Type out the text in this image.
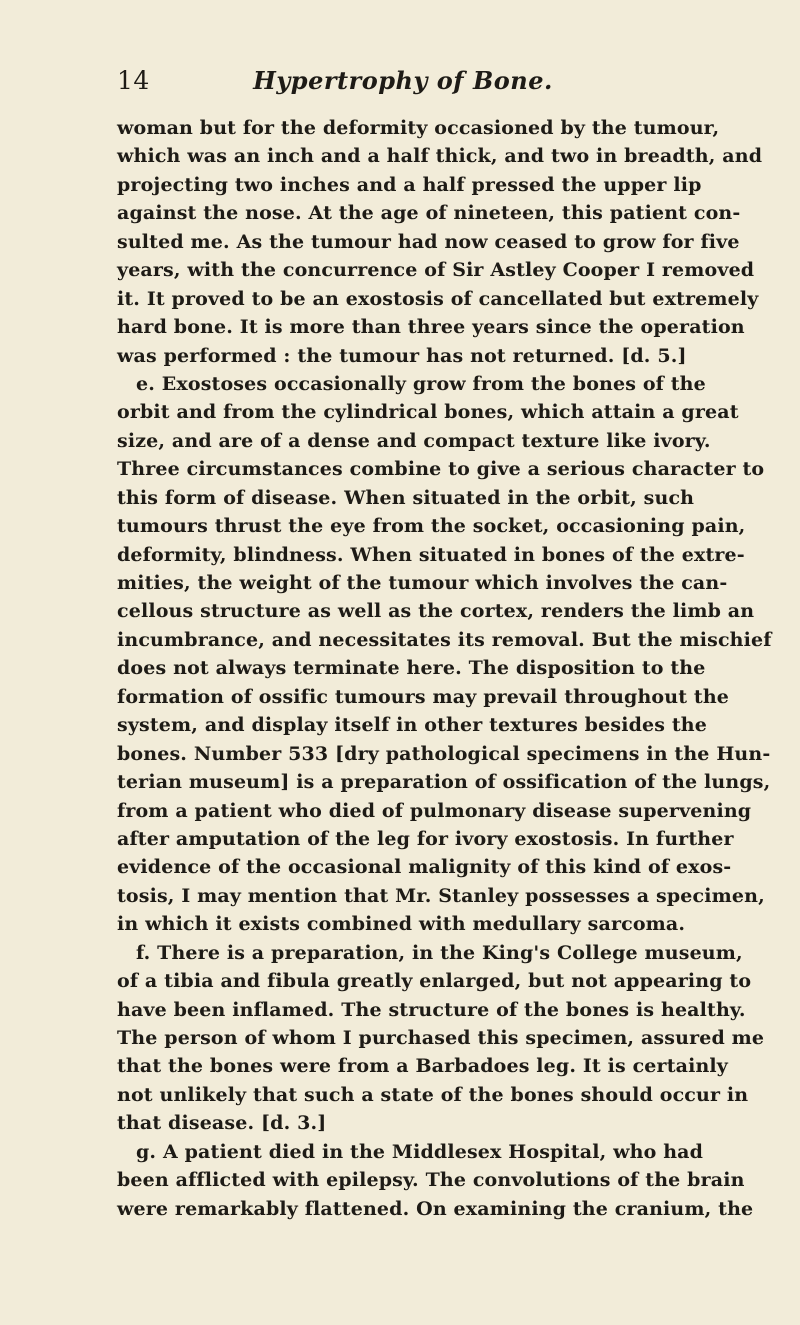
14	Hypertrophy of Bone.
woman but for the deformity occasioned by the tumour,
which was an inch and a half thick, and two in breadth, and
projecting two inches and a half pressed the upper lip
against the nose. At the age of nineteen, this patient con-
sulted me. As the tumour had now ceased to grow for five
years, with the concurrence of Sir Astley Cooper I removed
it. It proved to be an exostosis of cancellated but extremely
hard bone. It is more than three years since the operation
was performed : the tumour has not returned. [d. 5.]
e. Exostoses occasionally grow from the bones of the
orbit and from the cylindrical bones, which attain a great
size, and are of a dense and compact texture like ivory.
Three circumstances combine to give a serious character to
this form of disease. When situated in the orbit, such
tumours thrust the eye from the socket, occasioning pain,
deformity, blindness. When situated in bones of the extre-
mities, the weight of the tumour which involves the can-
cellous structure as well as the cortex, renders the limb an
incumbrance, and necessitates its removal. But the mischief
does not always terminate here. The disposition to the
formation of ossific tumours may prevail throughout the
system, and display itself in other textures besides the
bones. Number 533 [dry pathological specimens in the Hun-
terian museum] is a preparation of ossification of the lungs,
from a patient who died of pulmonary disease supervening
after amputation of the leg for ivory exostosis. In further
evidence of the occasional malignity of this kind of exos-
tosis, I may mention that Mr. Stanley possesses a specimen,
in which it exists combined with medullary sarcoma.
f. There is a preparation, in the King's College museum,
of a tibia and fibula greatly enlarged, but not appearing to
have been inflamed. The structure of the bones is healthy.
The person of whom I purchased this specimen, assured me
that the bones were from a Barbadoes leg. It is certainly
not unlikely that such a state of the bones should occur in
that disease. [d. 3.]
g. A patient died in the Middlesex Hospital, who had
been afflicted with epilepsy. The convolutions of the brain
were remarkably flattened. On examining the cranium, the
